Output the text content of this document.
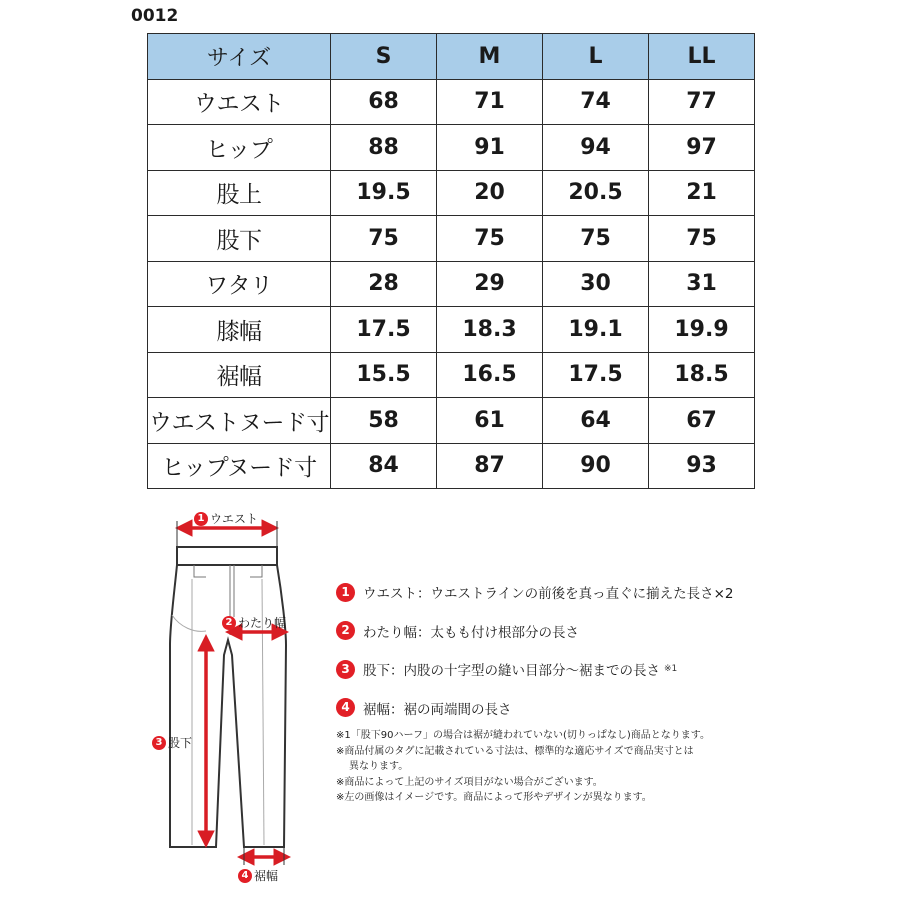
0012
サイズ	S	M	L	LL
ウエスト	68	71	74	77
ヒップ	88	91	94	97
股上	19.5	20	20.5	21
股下	75	75	75	75
ワタリ	28	29	30	31
膝幅	17.5	18.3	19.1	19.9
裾幅	15.5	16.5	17.5	18.5
ウエストヌード寸	58	61	64	67
ヒップヌード寸	84	87	90	93
1 ウエスト
2 わたり幅
3 股下
4 裾幅
1 ウエスト ：ウエストラインの前後を真っ直ぐに揃えた長さ×2
2 わたり幅 ：太もも付け根部分の長さ
3 股下 ：内股の十字型の縫い目部分～裾までの長さ ※1
4 裾幅 ：裾の両端間の長さ
※1「股下90ハーフ」の場合は裾が縫われていない(切りっぱなし)商品となります。
※商品付属のタグに記載されている寸法は、標準的な適応サイズで商品実寸とは
異なります。
※商品によって上記のサイズ項目がない場合がございます。
※左の画像はイメージです。商品によって形やデザインが異なります。
